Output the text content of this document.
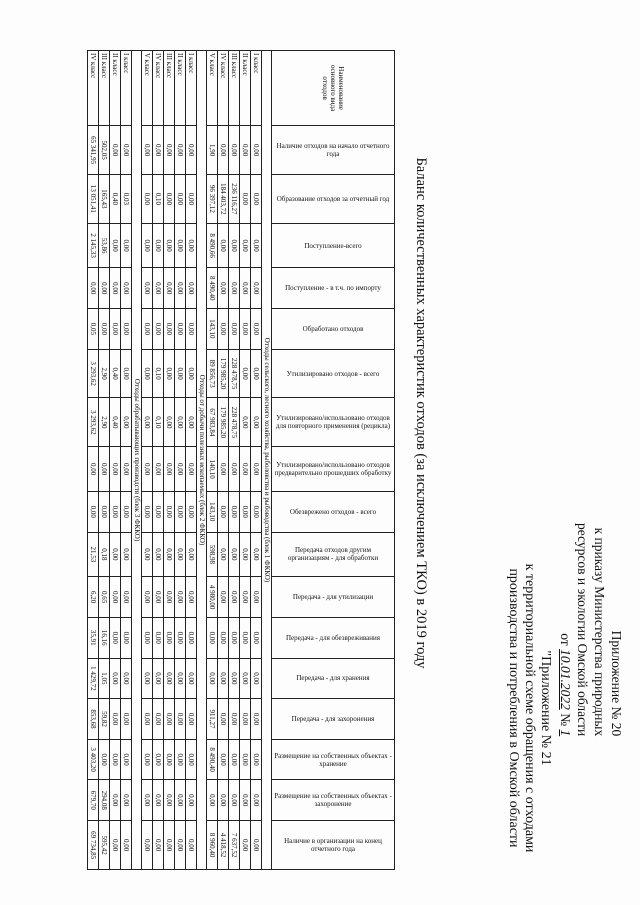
Приложение № 20
к приказу Министерства природных
ресурсов и экологии Омской области
от 10.01.2022 № 1
"Приложение № 21
к территориальной схеме обращения с отходами
производства и потребления в Омской области
Баланс количественных характеристик отходов (за исключением ТКО) в 2019 году
Наименование основного вида отходов	Наличие отходов на начало отчетного года	Образование отходов за отчетный год	Поступление-всего	Поступление - в т.ч. по импорту	Обработано отходов	Утилизировано отходов - всего	Утилизировано/использовано отходов для повторного применения (рецикла)	Утилизировано/использовано отходов предварительно прошедших обработку	Обезврежено отходов - всего	Передача отходов другим организациям - для обработки	Передача - для утилизации	Передача - для обезвреживания	Передача - для хранения	Передача - для захоронения	Размещение на собственных объектах - хранение	Размещение на собственных объектах - захоронение	Наличие в организации на конец отчетного года

Отходы сельского, лесного хозяйства, рыболовства и рыбоводства (блок 1 ФККО)																	
I класс	0,00	0,00	0,00	0,00	0,00	0,00	0,00	0,00	0,00	0,00	0,00	0,00	0,00	0,00	0,00	0,00	0,00
II класс	0,00	0,00	0,00	0,00	0,00	0,00	0,00	0,00	0,00	0,00	0,00	0,00	0,00	0,00	0,00	0,00	0,00
III класс	0,00	236 116,27	0,00	0,00	0,00	228 478,75	228 478,75	0,00	0,00	0,00	0,00	0,00	0,00	0,00	0,00	0,00	7 637,52
IV класс	0,00	184 403,72	0,00	0,00	0,00	179 985,20	179 985,20	0,00	0,00	0,00	0,00	0,00	0,00	0,00	0,00	0,00	4 418,52
V класс	1,90	96 397,12	8 490,66	8 490,40	143,10	89 856,73	67 983,84	140,10	143,10	598,98	4 980,00	0,00	0,00	911,27	8 490,40	0,00	8 960,40
Отходы от добычи полезных ископаемых (блок 2 ФККО)																	
I класс	0,00	0,00	0,00	0,00	0,00	0,00	0,00	0,00	0,00	0,00	0,00	0,00	0,00	0,00	0,00	0,00	0,00
II класс	0,00	0,00	0,00	0,00	0,00	0,00	0,00	0,00	0,00	0,00	0,00	0,00	0,00	0,00	0,00	0,00	0,00
III класс	0,00	0,00	0,00	0,00	0,00	0,00	0,00	0,00	0,00	0,00	0,00	0,00	0,00	0,00	0,00	0,00	0,00
IV класс	0,00	0,10	0,00	0,00	0,00	0,10	0,10	0,00	0,00	0,00	0,00	0,00	0,00	0,00	0,00	0,00	0,00
V класс	0,00	0,00	0,00	0,00	0,00	0,00	0,00	0,00	0,00	0,00	0,00	0,00	0,00	0,00	0,00	0,00	0,00
Отходы обрабатывающих производств (блок 3 ФККО)																	
I класс	0,00	0,03	0,00	0,00	0,00	0,00	0,00	0,00	0,00	0,00	0,00	0,00	0,00	0,00	0,00	0,00	0,00
II класс	0,00	0,40	0,00	0,00	0,00	0,40	0,40	0,00	0,00	0,00	0,00	0,00	0,00	0,00	0,00	0,00	0,00
III класс	502,05	165,43	53,86	0,00	0,00	2,90	2,90	0,00	0,00	0,18	0,65	16,16	1,05	59,82	0,00	294,08	595,42
IV класс	65 341,95	13 051,41	2 145,33	0,00	0,05	3 293,62	3 293,62	0,00	0,00	21,53	6,20	35,91	1 429,72	853,68	3 403,20	679,70	69 734,85
